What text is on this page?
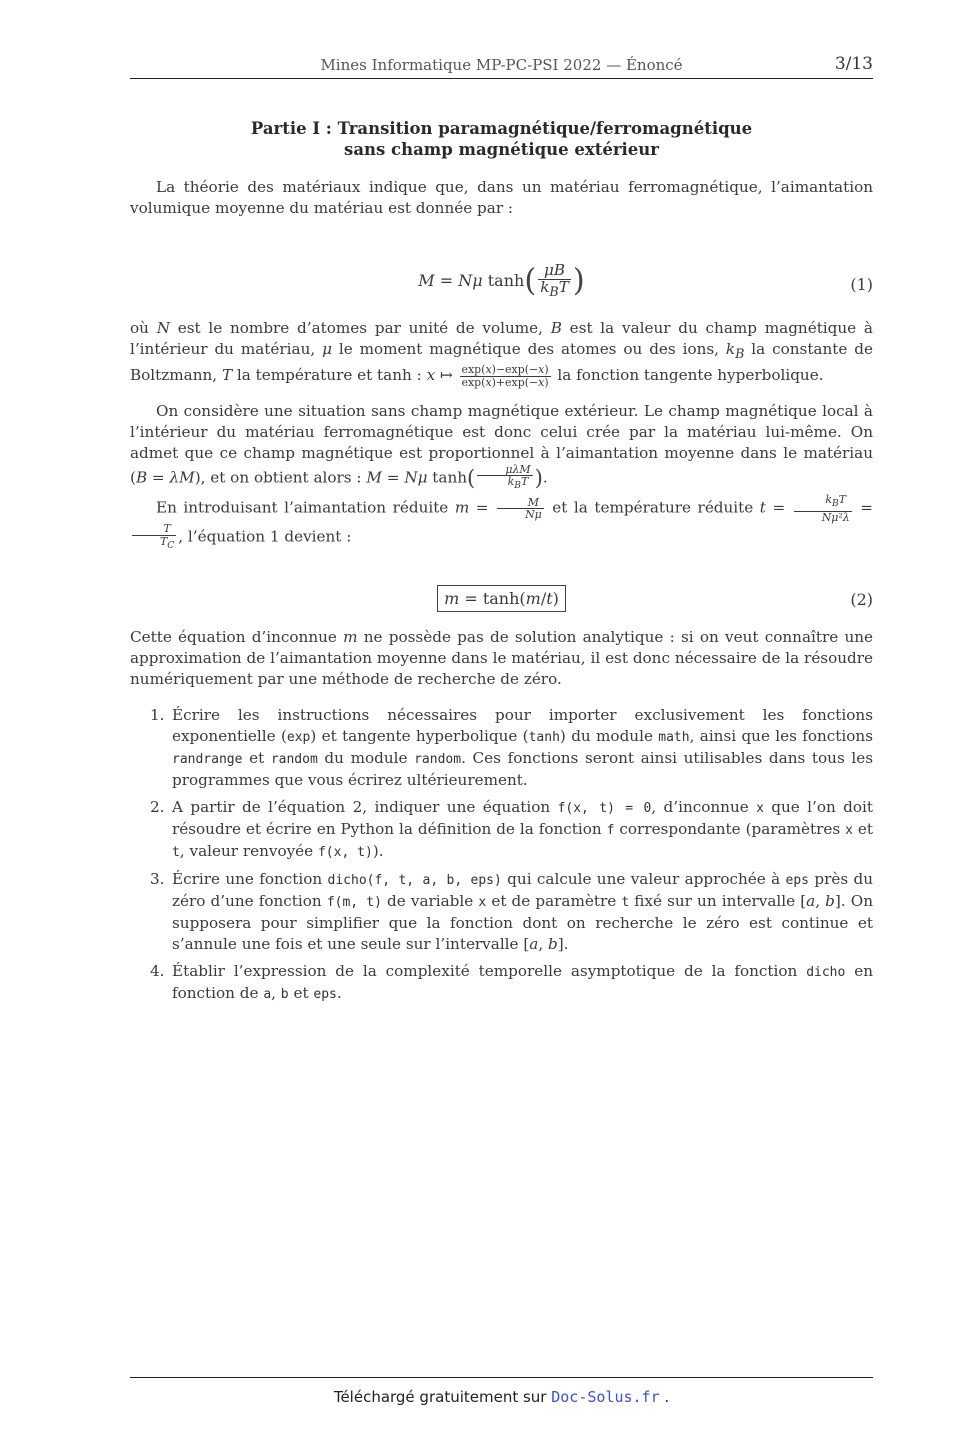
Mines Informatique MP-PC-PSI 2022 — Énoncé	3/13
Partie I : Transition paramagnétique/ferromagnétique
sans champ magnétique extérieur

La théorie des matériaux indique que, dans un matériau ferromagnétique, l’aimantation volumique moyenne du matériau est donnée par :

M = Nμ $\tanh( \frac{\mu B}{k_BT}$ )	(1)

où N est le nombre d’atomes par unité de volume, B est la valeur du champ magnétique à l’intérieur du matériau, μ le moment magnétique des atomes ou des ions, $k_B$ la constante de Boltzmann, T la température et tanh : x ↦ $\frac{\exp(x)-\exp(-x)}{\exp(x)+\exp(-x)}$ la fonction tangente hyperbolique.

On considère une situation sans champ magnétique extérieur. Le champ magnétique local à l’intérieur du matériau ferromagnétique est donc celui crée par la matériau lui-même. On admet que ce champ magnétique est proportionnel à l’aimantation moyenne dans le matériau (B = λM), et on obtient alors : M = Nμ $\tanh( \frac{\text{μλM}}{k_BT}$ ).

En introduisant l’aimantation réduite $m = \frac{M}{N\mu}$ et la température réduite $t = \frac{k_BT}{\text{Nμ²λ}}$ =
$\frac{T}{T_C}$ , l’équation 1 devient :

m = tanh(m/t)	(2)

Cette équation d’inconnue m ne possède pas de solution analytique : si on veut connaître une approximation de l’aimantation moyenne dans le matériau, il est donc nécessaire de la résoudre numériquement par une méthode de recherche de zéro.

1. Écrire les instructions nécessaires pour importer exclusivement les fonctions exponentielle (exp) et tangente hyperbolique (tanh) du module math, ainsi que les fonctions randrange et random du module random. Ces fonctions seront ainsi utilisables dans tous les programmes que vous écrirez ultérieurement.
2. A partir de l’équation 2, indiquer une équation f(x, t) = 0, d’inconnue x que l’on doit résoudre et écrire en Python la définition de la fonction f correspondante (paramètres x et t, valeur renvoyée f(x, t)).
3. Écrire une fonction dicho(f, t, a, b, eps) qui calcule une valeur approchée à eps près du zéro d’une fonction f(m, t) de variable x et de paramètre t fixé sur un intervalle [a, b]. On supposera pour simplifier que la fonction dont on recherche le zéro est continue et s’annule une fois et une seule sur l’intervalle [a, b].
4. Établir l’expression de la complexité temporelle asymptotique de la fonction dicho en fonction de a, b et eps.
Téléchargé gratuitement sur Doc-Solus.fr .
